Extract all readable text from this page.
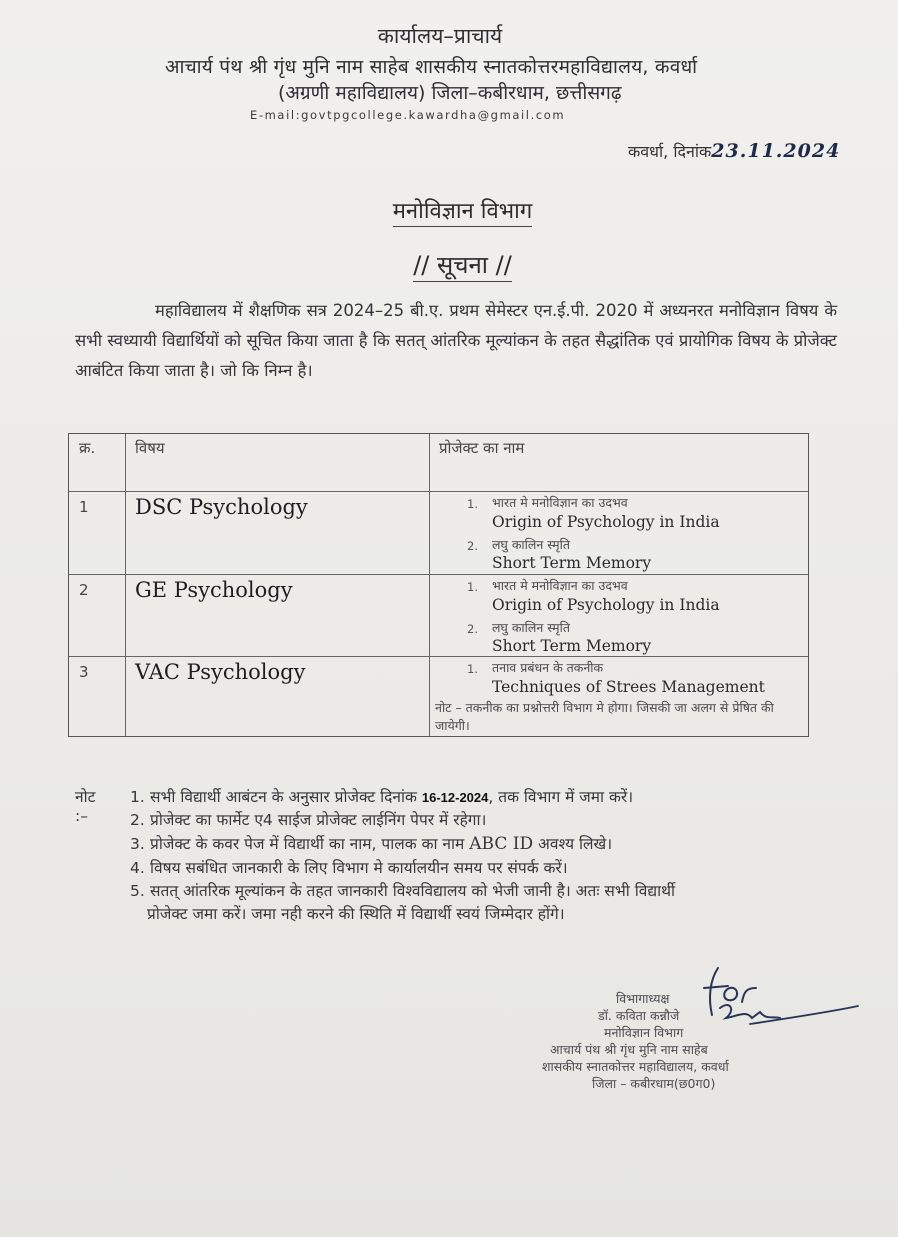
कार्यालय–प्राचार्य
आचार्य पंथ श्री गृंध मुनि नाम साहेब शासकीय स्नातकोत्तरमहाविद्यालय, कवर्धा
(अग्रणी महाविद्यालय) जिला–कबीरधाम, छत्तीसगढ़
E-mail:govtpgcollege.kawardha@gmail.com
कवर्धा, दिनांक23.11.2024
मनोविज्ञान विभाग
// सूचना //
महाविद्यालय में शैक्षणिक सत्र 2024–25 बी.ए. प्रथम सेमेस्टर एन.ई.पी. 2020 में अध्यनरत मनोविज्ञान विषय के सभी स्वध्यायी विद्यार्थियों को सूचित किया जाता है कि सतत् आंतरिक मूल्यांकन के तहत सैद्धांतिक एवं प्रायोगिक विषय के प्रोजेक्ट आबंटित किया जाता है। जो कि निम्न है।
क्र.	विषय	प्रोजेक्ट का नाम
1 DSC Psychology	1. भारत मे मनोविज्ञान का उदभव
Origin of Psychology in India
2. लघु कालिन स्मृति
Short Term Memory
2 GE Psychology	1. भारत मे मनोविज्ञान का उदभव
Origin of Psychology in India
2. लघु कालिन स्मृति
Short Term Memory
3 VAC Psychology	1. तनाव प्रबंधन के तकनीक
Techniques of Strees Management
नोट – तकनीक का प्रश्नोत्तरी विभाग मे होगा। जिसकी जा अलग से प्रेषित की जायेगी।
नोट :–
1. सभी विद्यार्थी आबंटन के अनुसार प्रोजेक्ट दिनांक 16-12-2024, तक विभाग में जमा करें।
2. प्रोजेक्ट का फार्मेट ए4 साईज प्रोजेक्ट लाईनिंग पेपर में रहेगा।
3. प्रोजेक्ट के कवर पेज में विद्यार्थी का नाम, पालक का नाम ABC ID अवश्य लिखे।
4. विषय सबंधित जानकारी के लिए विभाग मे कार्यालयीन समय पर संपर्क करें।
5. सतत् आंतरिक मूल्यांकन के तहत जानकारी विश्वविद्यालय को भेजी जानी है। अतः सभी विद्यार्थी
प्रोजेक्ट जमा करें। जमा नही करने की स्थिति में विद्यार्थी स्वयं जिम्मेदार होंगे।
for
विभागाध्यक्ष
डॉ. कविता कन्नौजे
मनोविज्ञान विभाग
आचार्य पंथ श्री गृंध मुनि नाम साहेब
शासकीय स्नातकोत्तर महाविद्यालय, कवर्धा
जिला – कबीरधाम(छ0ग0)
